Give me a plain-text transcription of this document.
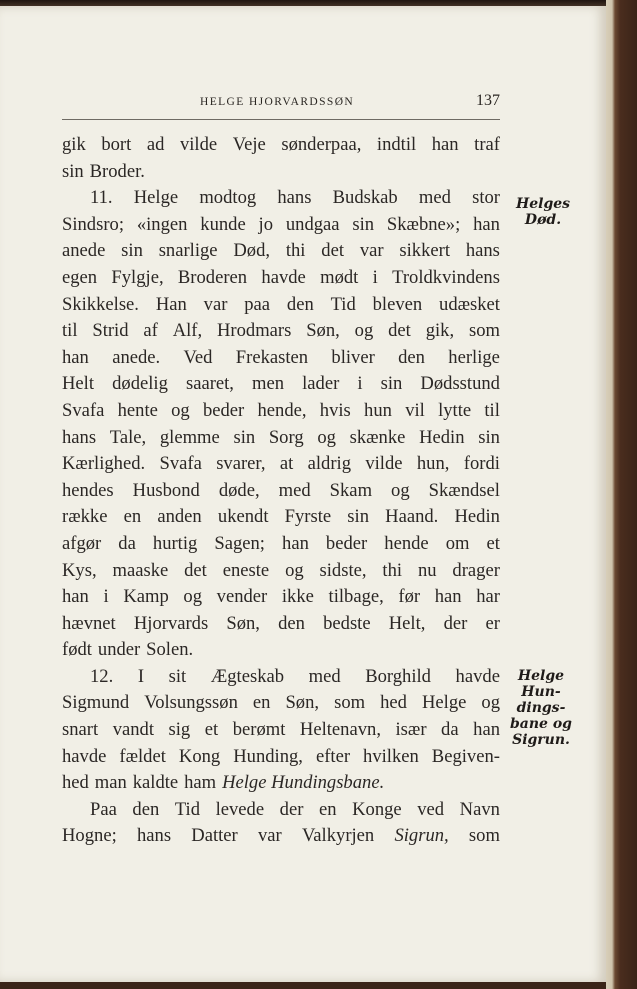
HELGE HJORVARDSSØN	137
gik bort ad vilde Veje sønderpaa, indtil han traf
sin Broder.
11. Helge modtog hans Budskab med stor
Sindsro; «ingen kunde jo undgaa sin Skæbne»; han
anede sin snarlige Død, thi det var sikkert hans
egen Fylgje, Broderen havde mødt i Troldkvindens
Skikkelse. Han var paa den Tid bleven udæsket
til Strid af Alf, Hrodmars Søn, og det gik, som
han anede. Ved Frekasten bliver den herlige
Helt dødelig saaret, men lader i sin Dødsstund
Svafa hente og beder hende, hvis hun vil lytte til
hans Tale, glemme sin Sorg og skænke Hedin sin
Kærlighed. Svafa svarer, at aldrig vilde hun, fordi
hendes Husbond døde, med Skam og Skændsel
række en anden ukendt Fyrste sin Haand. Hedin
afgør da hurtig Sagen; han beder hende om et
Kys, maaske det eneste og sidste, thi nu drager
han i Kamp og vender ikke tilbage, før han har
hævnet Hjorvards Søn, den bedste Helt, der er
født under Solen.
12. I sit Ægteskab med Borghild havde
Sigmund Volsungssøn en Søn, som hed Helge og
snart vandt sig et berømt Heltenavn, især da han
havde fældet Kong Hunding, efter hvilken Begiven-
hed man kaldte ham Helge Hundingsbane.
Paa den Tid levede der en Konge ved Navn
Hogne; hans Datter var Valkyrjen Sigrun, som
Helges
Død.
Helge
Hun-
dings-
bane og
Sigrun.
